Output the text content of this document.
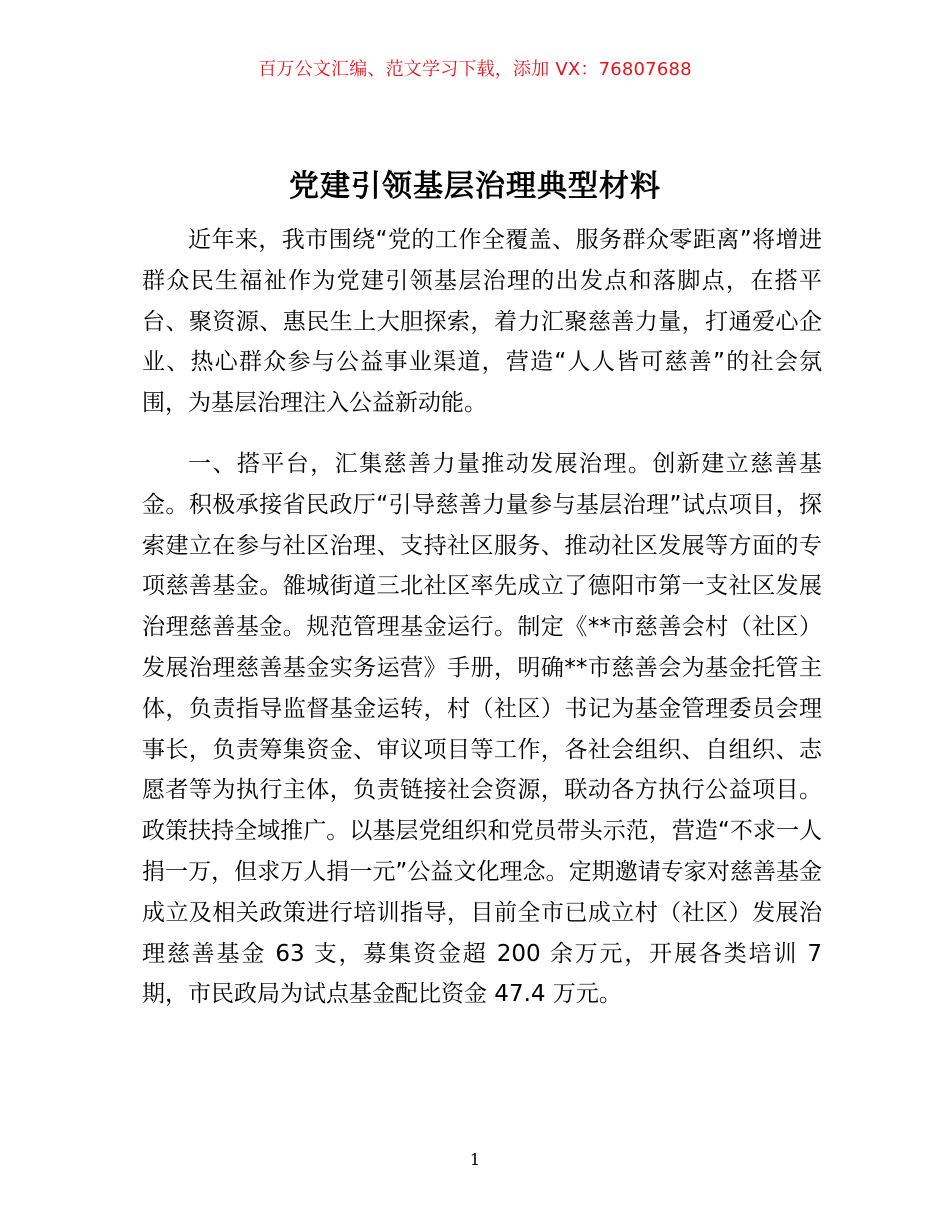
百万公文汇编、范文学习下载，添加 VX：76807688
党建引领基层治理典型材料

近年来，我市围绕“党的工作全覆盖、服务群众零距离”将增进群众民生福祉作为党建引领基层治理的出发点和落脚点，在搭平台、聚资源、惠民生上大胆探索，着力汇聚慈善力量，打通爱心企业、热心群众参与公益事业渠道，营造“人人皆可慈善”的社会氛围，为基层治理注入公益新动能。

一、搭平台，汇集慈善力量推动发展治理。创新建立慈善基金。积极承接省民政厅“引导慈善力量参与基层治理”试点项目，探索建立在参与社区治理、支持社区服务、推动社区发展等方面的专项慈善基金。雒城街道三北社区率先成立了德阳市第一支社区发展治理慈善基金。规范管理基金运行。制定《**市慈善会村（社区）发展治理慈善基金实务运营》手册，明确**市慈善会为基金托管主体，负责指导监督基金运转，村（社区）书记为基金管理委员会理事长，负责筹集资金、审议项目等工作，各社会组织、自组织、志愿者等为执行主体，负责链接社会资源，联动各方执行公益项目。政策扶持全域推广。以基层党组织和党员带头示范，营造“不求一人捐一万，但求万人捐一元”公益文化理念。定期邀请专家对慈善基金成立及相关政策进行培训指导，目前全市已成立村（社区）发展治理慈善基金 63 支，募集资金超 200 余万元，开展各类培训 7 期，市民政局为试点基金配比资金 47.4 万元。

1
